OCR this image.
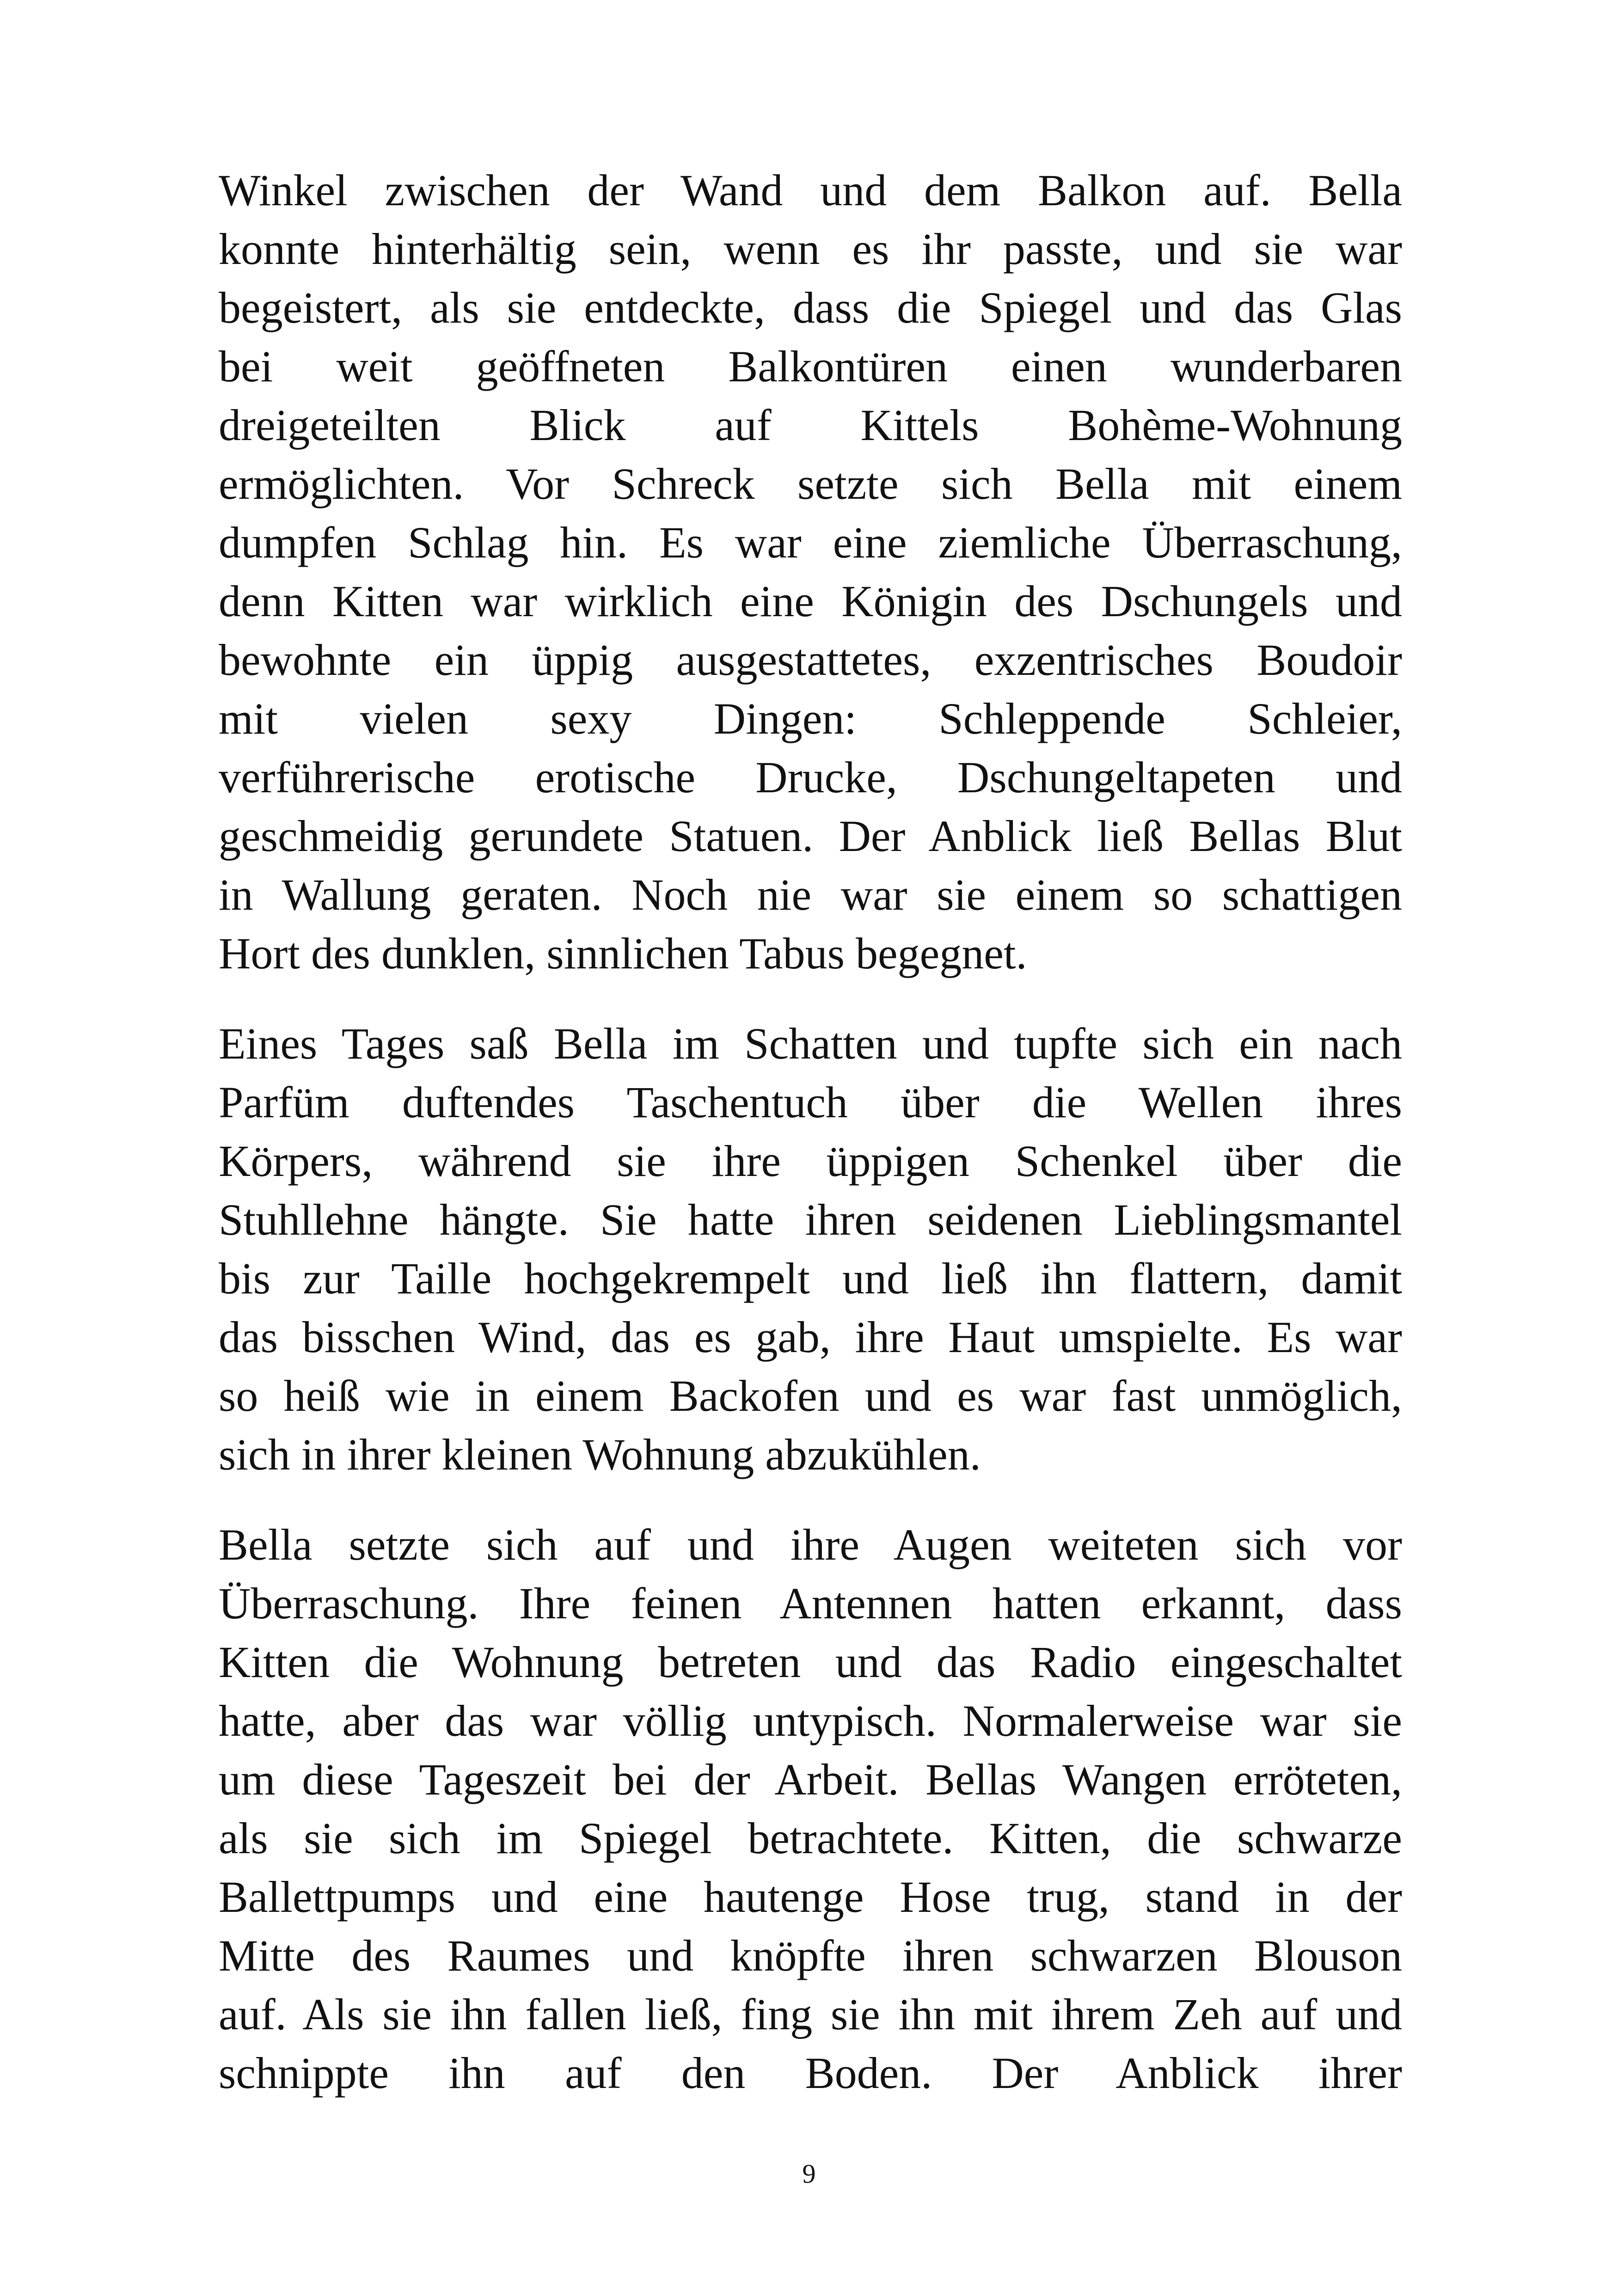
Winkel zwischen der Wand und dem Balkon auf. Bella
konnte hinterhältig sein, wenn es ihr passte, und sie war
begeistert, als sie entdeckte, dass die Spiegel und das Glas
bei weit geöffneten Balkontüren einen wunderbaren
dreigeteilten Blick auf Kittels Bohème-Wohnung
ermöglichten. Vor Schreck setzte sich Bella mit einem
dumpfen Schlag hin. Es war eine ziemliche Überraschung,
denn Kitten war wirklich eine Königin des Dschungels und
bewohnte ein üppig ausgestattetes, exzentrisches Boudoir
mit vielen sexy Dingen: Schleppende Schleier,
verführerische erotische Drucke, Dschungeltapeten und
geschmeidig gerundete Statuen. Der Anblick ließ Bellas Blut
in Wallung geraten. Noch nie war sie einem so schattigen
Hort des dunklen, sinnlichen Tabus begegnet.

Eines Tages saß Bella im Schatten und tupfte sich ein nach
Parfüm duftendes Taschentuch über die Wellen ihres
Körpers, während sie ihre üppigen Schenkel über die
Stuhllehne hängte. Sie hatte ihren seidenen Lieblingsmantel
bis zur Taille hochgekrempelt und ließ ihn flattern, damit
das bisschen Wind, das es gab, ihre Haut umspielte. Es war
so heiß wie in einem Backofen und es war fast unmöglich,
sich in ihrer kleinen Wohnung abzukühlen.

Bella setzte sich auf und ihre Augen weiteten sich vor
Überraschung. Ihre feinen Antennen hatten erkannt, dass
Kitten die Wohnung betreten und das Radio eingeschaltet
hatte, aber das war völlig untypisch. Normalerweise war sie
um diese Tageszeit bei der Arbeit. Bellas Wangen erröteten,
als sie sich im Spiegel betrachtete. Kitten, die schwarze
Ballettpumps und eine hautenge Hose trug, stand in der
Mitte des Raumes und knöpfte ihren schwarzen Blouson
auf. Als sie ihn fallen ließ, fing sie ihn mit ihrem Zeh auf und
schnippte ihn auf den Boden. Der Anblick ihrer

9
